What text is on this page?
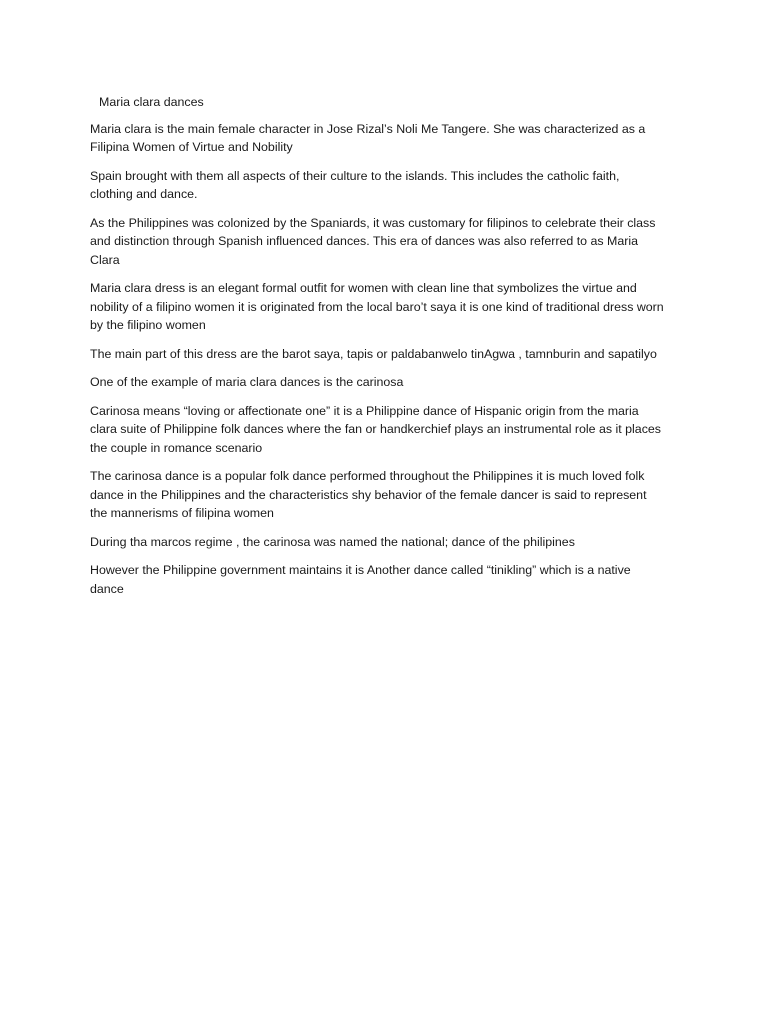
Maria clara dances

Maria clara is the main female character in Jose Rizal’s Noli Me Tangere. She was characterized as a Filipina Women of Virtue and Nobility

Spain brought with them all aspects of their culture to the islands. This includes the catholic faith, clothing and dance.

As the Philippines was colonized by the Spaniards, it was customary for filipinos to celebrate their class and distinction through Spanish influenced dances. This era of dances was also referred to as Maria Clara

Maria clara dress is an elegant formal outfit for women with clean line that symbolizes the virtue and nobility of a filipino women it is originated from the local baro’t saya it is one kind of traditional dress worn by the filipino women

The main part of this dress are the barot saya, tapis or paldabanwelo tinAgwa , tamnburin and sapatilyo

One of the example of maria clara dances is the carinosa

Carinosa means “loving or affectionate one” it is a Philippine dance of Hispanic origin from the maria clara suite of Philippine folk dances where the fan or handkerchief plays an instrumental role as it places the couple in romance scenario

The carinosa dance is a popular folk dance performed throughout the Philippines it is much loved folk dance in the Philippines and the characteristics shy behavior of the female dancer is said to represent the mannerisms of filipina women

During tha marcos regime , the carinosa was named the national; dance of the philipines

However the Philippine government maintains it is Another dance called “tinikling” which is a native dance
